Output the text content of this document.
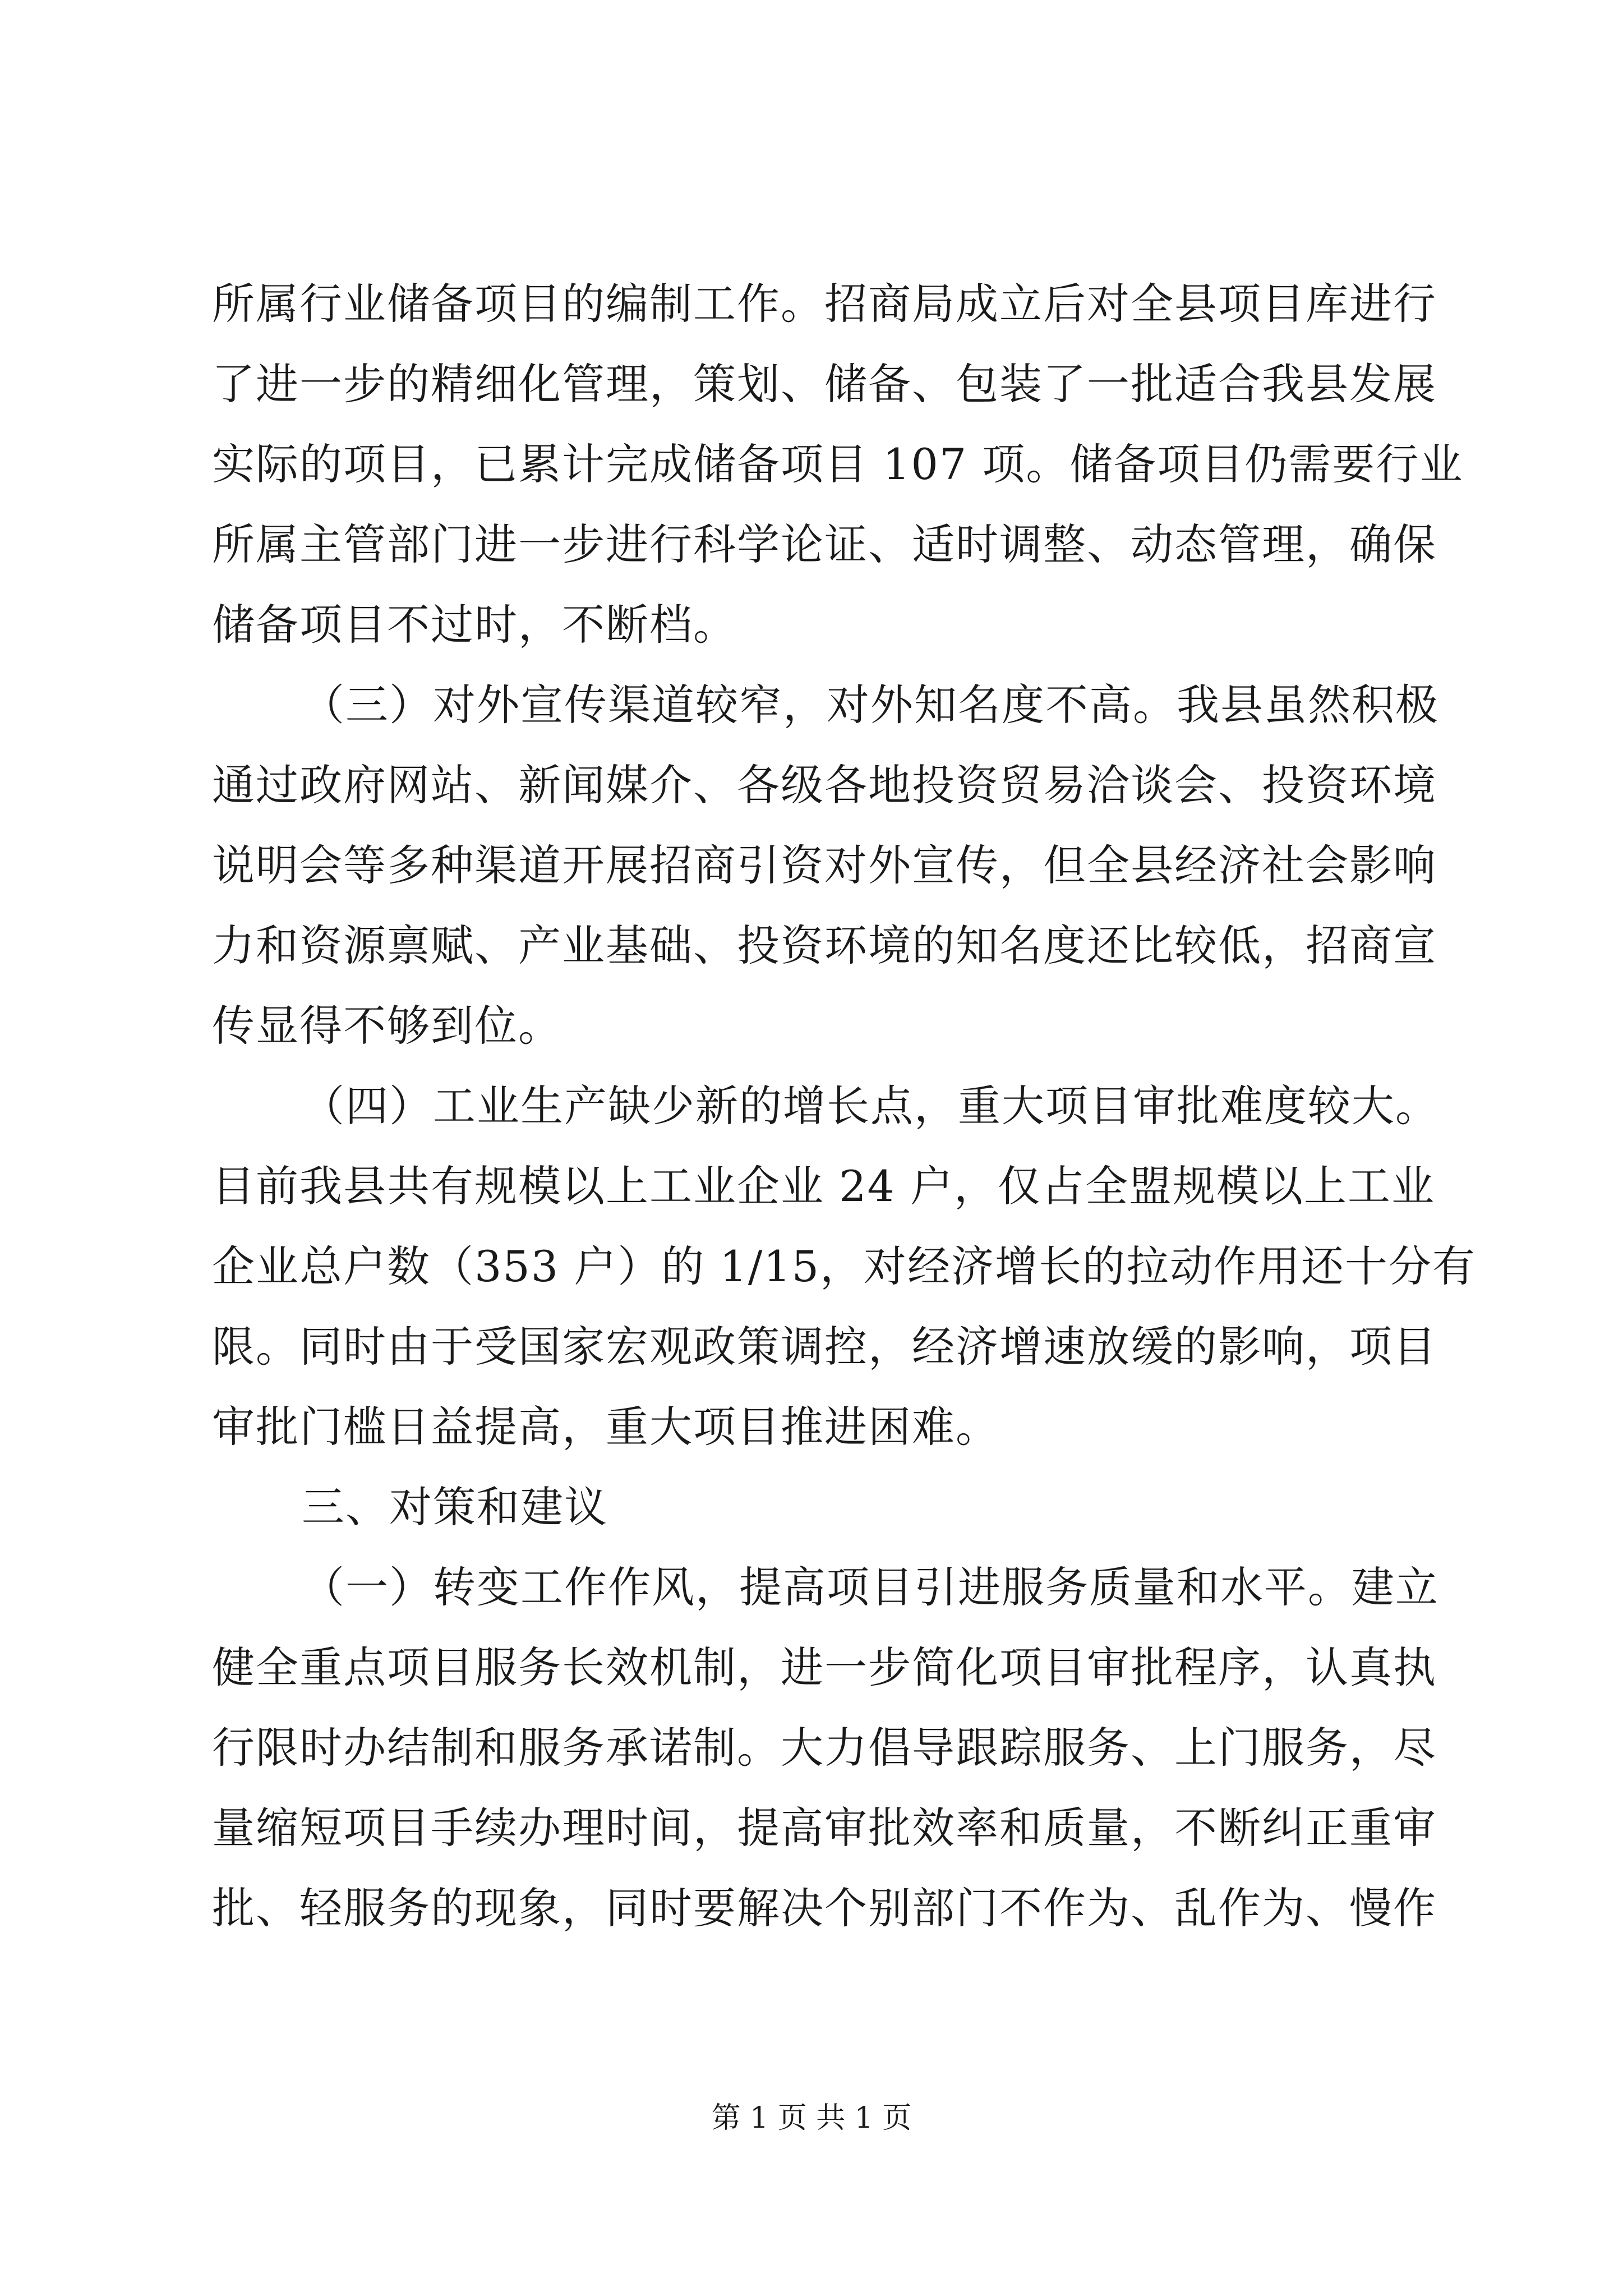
所属行业储备项目的编制工作。招商局成立后对全县项目库进行
了进一步的精细化管理，策划、储备、包装了一批适合我县发展
实际的项目，已累计完成储备项目 107 项。储备项目仍需要行业
所属主管部门进一步进行科学论证、适时调整、动态管理，确保
储备项目不过时，不断档。
（三）对外宣传渠道较窄，对外知名度不高。我县虽然积极
通过政府网站、新闻媒介、各级各地投资贸易洽谈会、投资环境
说明会等多种渠道开展招商引资对外宣传，但全县经济社会影响
力和资源禀赋、产业基础、投资环境的知名度还比较低，招商宣
传显得不够到位。
（四）工业生产缺少新的增长点，重大项目审批难度较大。
目前我县共有规模以上工业企业 24 户，仅占全盟规模以上工业
企业总户数（353 户）的 1/15，对经济增长的拉动作用还十分有
限。同时由于受国家宏观政策调控，经济增速放缓的影响，项目
审批门槛日益提高，重大项目推进困难。
三、对策和建议
（一）转变工作作风，提高项目引进服务质量和水平。建立
健全重点项目服务长效机制，进一步简化项目审批程序，认真执
行限时办结制和服务承诺制。大力倡导跟踪服务、上门服务，尽
量缩短项目手续办理时间，提高审批效率和质量，不断纠正重审
批、轻服务的现象，同时要解决个别部门不作为、乱作为、慢作
第 1 页 共 1 页
